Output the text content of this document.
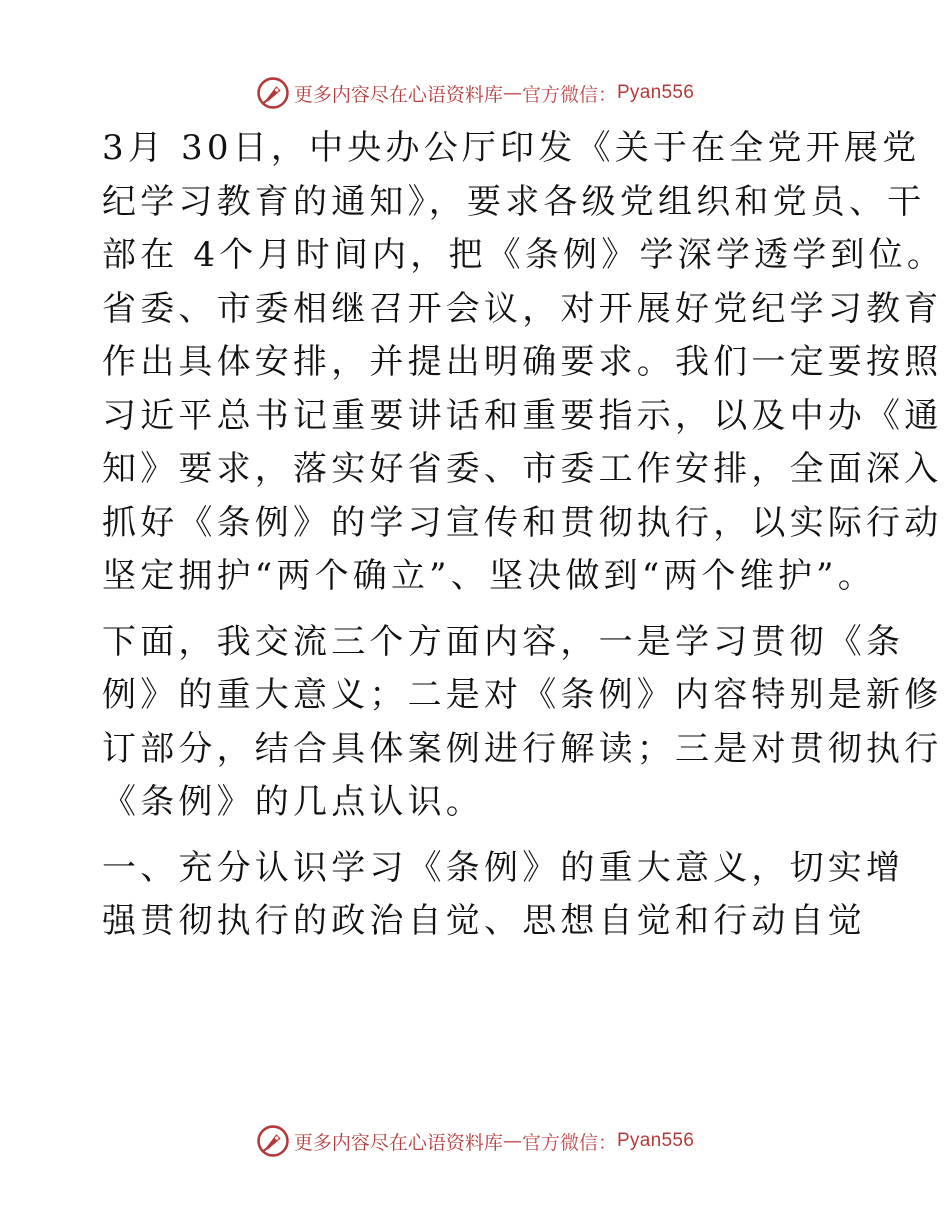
更多内容尽在心语资料库 — 官方微信： Pyan556

3月 30日，中央办公厅印发《关于在全党开展党
纪学习教育的通知》，要求各级党组织和党员、干
部在 4个月时间内，把《条例》学深学透学到位。
省委、市委相继召开会议，对开展好党纪学习教育
作出具体安排，并提出明确要求。我们一定要按照
习近平总书记重要讲话和重要指示，以及中办《通
知》要求，落实好省委、市委工作安排，全面深入
抓好《条例》的学习宣传和贯彻执行，以实际行动
坚定拥护“两个确立”、坚决做到“两个维护”。

下面，我交流三个方面内容，一是学习贯彻《条
例》的重大意义；二是对《条例》内容特别是新修
订部分，结合具体案例进行解读；三是对贯彻执行
《条例》的几点认识。

一、充分认识学习《条例》的重大意义，切实增
强贯彻执行的政治自觉、思想自觉和行动自觉

更多内容尽在心语资料库 — 官方微信： Pyan556
